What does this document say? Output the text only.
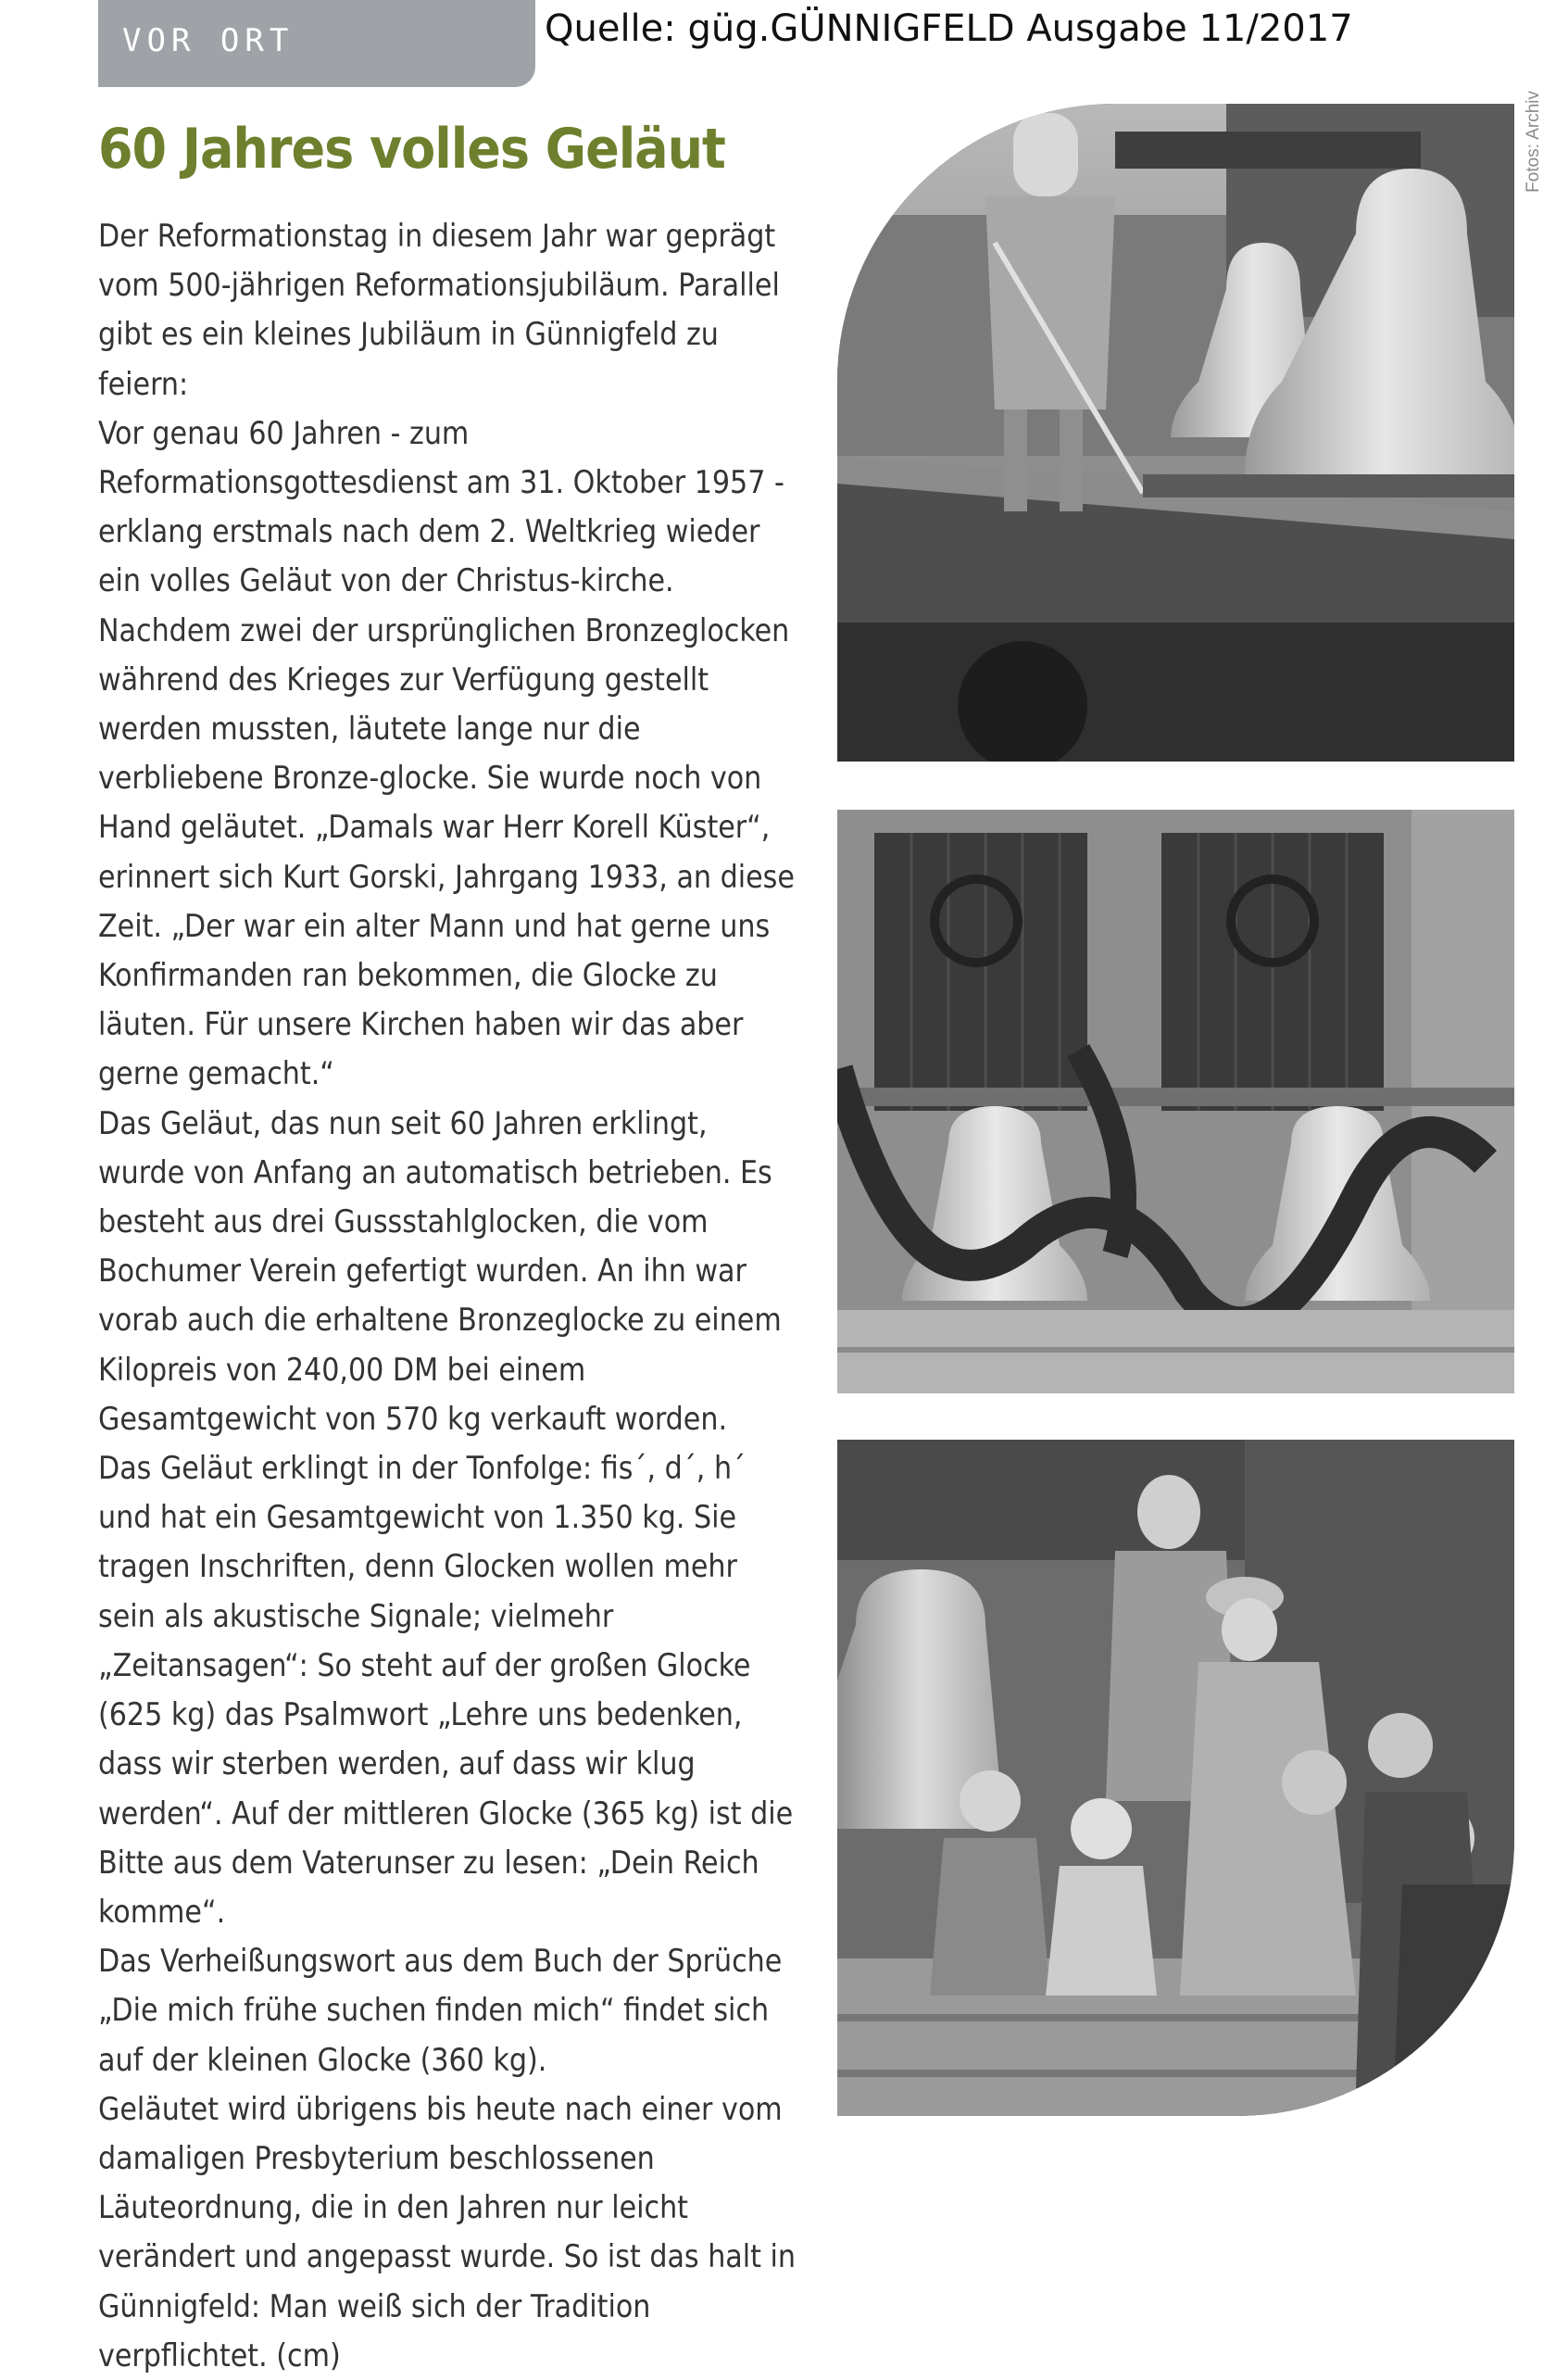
VOR ORT	Quelle: güg.GÜNNIGFELD Ausgabe 11/2017
Fotos: Archiv
60 Jahres volles Geläut

Der Reformationstag in diesem Jahr war geprägt vom 500-jährigen Reformationsjubiläum. Parallel gibt es ein kleines Jubiläum in Günnigfeld zu feiern:

Vor genau 60 Jahren - zum Reformationsgottesdienst am 31. Oktober 1957 - erklang erstmals nach dem 2. Weltkrieg wieder ein volles Geläut von der Christus-kirche.

Nachdem zwei der ursprünglichen Bronzeglocken während des Krieges zur Verfügung gestellt werden mussten, läutete lange nur die verbliebene Bronze-glocke. Sie wurde noch von Hand geläutet. „Damals war Herr Korell Küster“, erinnert sich Kurt Gorski, Jahrgang 1933, an diese Zeit. „Der war ein alter Mann und hat gerne uns Konfirmanden ran bekommen, die Glocke zu läuten. Für unsere Kirchen haben wir das aber gerne gemacht.“

Das Geläut, das nun seit 60 Jahren erklingt, wurde von Anfang an automatisch betrieben. Es besteht aus drei Gussstahlglocken, die vom Bochumer Verein gefertigt wurden. An ihn war vorab auch die erhaltene Bronzeglocke zu einem Kilopreis von 240,00 DM bei einem Gesamtgewicht von 570 kg verkauft worden.

Das Geläut erklingt in der Tonfolge: fis´, d´, h´ und hat ein Gesamtgewicht von 1.350 kg. Sie tragen Inschriften, denn Glocken wollen mehr sein als akustische Signale; vielmehr „Zeitansagen“: So steht auf der großen Glocke (625 kg) das Psalmwort „Lehre uns bedenken, dass wir sterben werden, auf dass wir klug werden“. Auf der mittleren Glocke (365 kg) ist die Bitte aus dem Vaterunser zu lesen: „Dein Reich komme“.

Das Verheißungswort aus dem Buch der Sprüche „Die mich frühe suchen finden mich“ findet sich auf der kleinen Glocke (360 kg).

Geläutet wird übrigens bis heute nach einer vom damaligen Presbyterium beschlossenen Läuteordnung, die in den Jahren nur leicht verändert und angepasst wurde. So ist das halt in Günnigfeld: Man weiß sich der Tradition verpflichtet. (cm)
